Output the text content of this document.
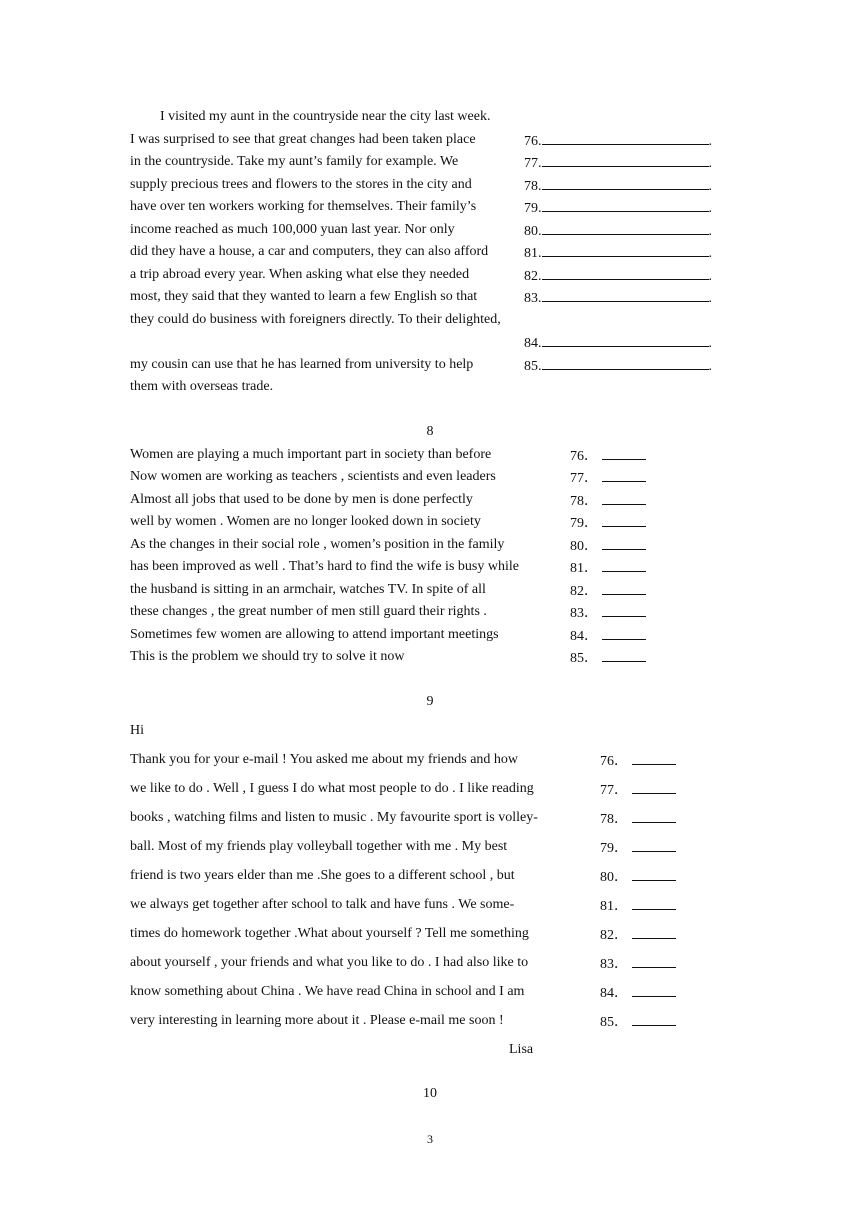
I visited my aunt in the countryside near the city last week.
I was surprised to see that great changes had been taken place
in the countryside. Take my aunt’s family for example. We
supply precious trees and flowers to the stores in the city and
have over ten workers working for themselves. Their family’s
income reached as much 100,000 yuan last year. Nor only
did they have a house, a car and computers, they can also afford
a trip abroad every year. When asking what else they needed
most, they said that they wanted to learn a few English so that
they could do business with foreigners directly. To their delighted,
my cousin can use that he has learned from university to help
them with overseas trade.
76.	.
77.	.
78.	.
79.	.
80.	.
81.	.
82.	.
83.	.
84.	.
85.	.
8
Women are playing a much important part in society than before
Now women are working as teachers , scientists and even leaders
Almost all jobs that used to be done by men is done perfectly
well by women . Women are no longer looked down in society
As the changes in their social role , women’s position in the family
has been improved as well . That’s hard to find the wife is busy while
the husband is sitting in an armchair, watches TV. In spite of all
these changes , the great number of men still guard their rights .
Sometimes few women are allowing to attend important meetings
This is the problem we should try to solve it now
76．
77．
78．
79．
80．
81．
82．
83．
84．
85．
9
Hi
Thank you for your e-mail ! You asked me about my friends and how
we like to do . Well , I guess I do what most people to do . I like reading
books , watching films and listen to music . My favourite sport is volley-
ball. Most of my friends play volleyball together with me . My best
friend is two years elder than me .She goes to a different school , but
we always get together after school to talk and have funs . We some-
times do homework together .What about yourself ? Tell me something
about yourself , your friends and what you like to do . I had also like to
know something about China . We have read China in school and I am
very interesting in learning more about it . Please e-mail me soon !
76．
77．
78．
79．
80．
81．
82．
83．
84．
85．
Lisa
10
3
